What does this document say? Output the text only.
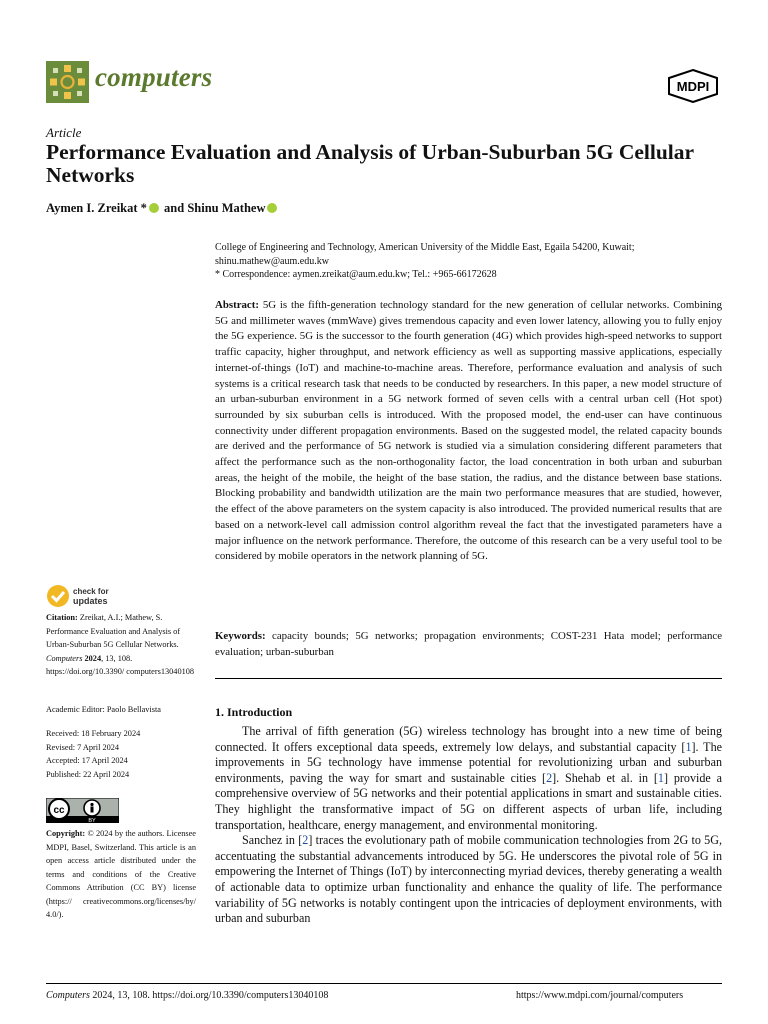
computers	MDPI
Article
Performance Evaluation and Analysis of Urban-Suburban 5G Cellular Networks
Aymen I. Zreikat * and Shinu Mathew
College of Engineering and Technology, American University of the Middle East, Egaila 54200, Kuwait;
shinu.mathew@aum.edu.kw
* Correspondence: aymen.zreikat@aum.edu.kw; Tel.: +965-66172628
Abstract: 5G is the fifth-generation technology standard for the new generation of cellular networks. Combining 5G and millimeter waves (mmWave) gives tremendous capacity and even lower latency, allowing you to fully enjoy the 5G experience. 5G is the successor to the fourth generation (4G) which provides high-speed networks to support traffic capacity, higher throughput, and network efficiency as well as supporting massive applications, especially internet-of-things (IoT) and machine-to-machine areas. Therefore, performance evaluation and analysis of such systems is a critical research task that needs to be conducted by researchers. In this paper, a new model structure of an urban-suburban environment in a 5G network formed of seven cells with a central urban cell (Hot spot) surrounded by six suburban cells is introduced. With the proposed model, the end-user can have continuous connectivity under different propagation environments. Based on the suggested model, the related capacity bounds are derived and the performance of 5G network is studied via a simulation considering different parameters that affect the performance such as the non-orthogonality factor, the load concentration in both urban and suburban areas, the height of the mobile, the height of the base station, the radius, and the distance between base stations. Blocking probability and bandwidth utilization are the main two performance measures that are studied, however, the effect of the above parameters on the system capacity is also introduced. The provided numerical results that are based on a network-level call admission control algorithm reveal the fact that the investigated parameters have a major influence on the network performance. Therefore, the outcome of this research can be a very useful tool to be considered by mobile operators in the network planning of 5G.
Keywords: capacity bounds; 5G networks; propagation environments; COST-231 Hata model; performance evaluation; urban-suburban
1. Introduction

The arrival of fifth generation (5G) wireless technology has brought into a new time of being connected. It offers exceptional data speeds, extremely low delays, and substantial capacity [1]. The improvements in 5G technology have immense potential for revolutionizing urban and suburban environments, paving the way for smart and sustainable cities [2]. Shehab et al. in [1] provide a comprehensive overview of 5G networks and their potential applications in smart and sustainable cities. They highlight the transformative impact of 5G on different aspects of urban life, including transportation, healthcare, energy management, and environmental monitoring.

Sanchez in [2] traces the evolutionary path of mobile communication technologies from 2G to 5G, accentuating the substantial advancements introduced by 5G. He underscores the pivotal role of 5G in empowering the Internet of Things (IoT) by interconnecting myriad devices, thereby generating a wealth of actionable data to optimize urban functionality and enhance the quality of life. The performance variability of 5G networks is notably contingent upon the intricacies of deployment environments, with urban and suburban

check for
updates
Citation: Zreikat, A.I.; Mathew, S. Performance Evaluation and Analysis of Urban-Suburban 5G Cellular Networks. Computers 2024, 13, 108. https://doi.org/10.3390/ computers13040108
Academic Editor: Paolo Bellavista
Received: 18 February 2024
Revised: 7 April 2024
Accepted: 17 April 2024
Published: 22 April 2024
cc
BY
Copyright: © 2024 by the authors. Licensee MDPI, Basel, Switzerland. This article is an open access article distributed under the terms and conditions of the Creative Commons Attribution (CC BY) license (https:// creativecommons.org/licenses/by/ 4.0/).
Computers 2024, 13, 108. https://doi.org/10.3390/computers13040108	https://www.mdpi.com/journal/computers
